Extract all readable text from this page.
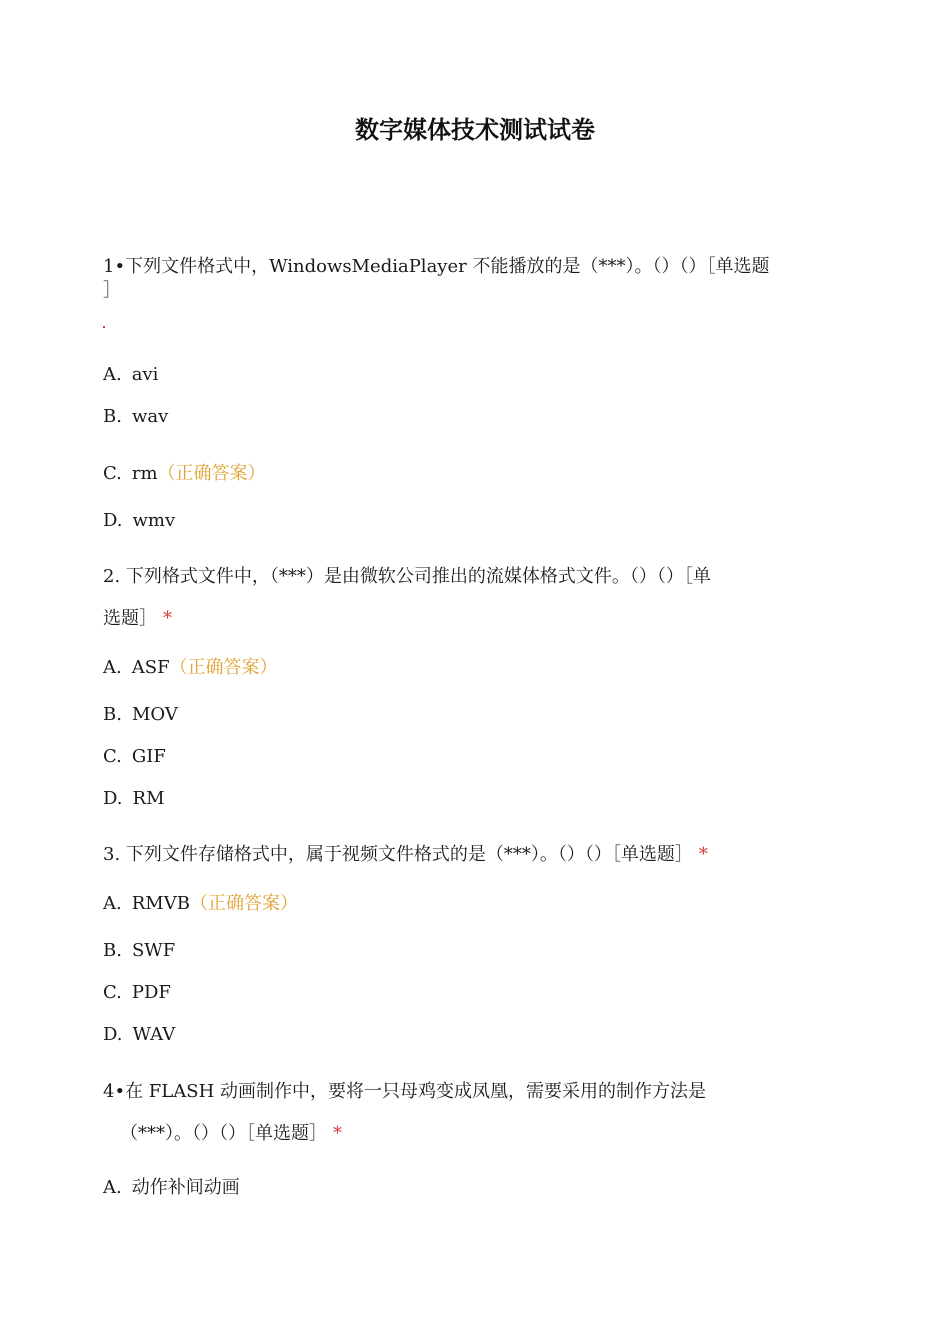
数字媒体技术测试试卷

1•下列文件格式中，WindowsMediaPlayer 不能播放的是（***）。（）（）［单选题

］

A. avi
B. wav
C. rm（正确答案）
D. wmv

2. 下列格式文件中，（***）是由微软公司推出的流媒体格式文件。（）（）［单

选题］ *

A. ASF（正确答案）
B. MOV
C. GIF
D. RM

3. 下列文件存储格式中，属于视频文件格式的是（***）。（）（）［单选题］ *

A. RMVB（正确答案）
B. SWF
C. PDF
D. WAV

4•在 FLASH 动画制作中，要将一只母鸡变成凤凰，需要采用的制作方法是

（***）。（）（）［单选题］ *

A. 动作补间动画
